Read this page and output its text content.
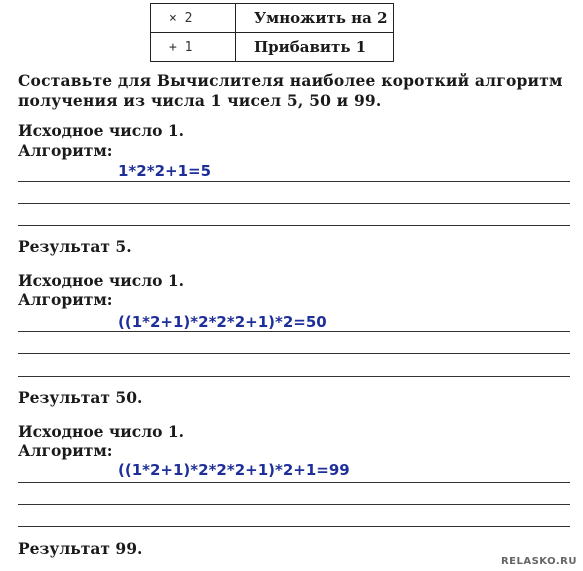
× 2	Умножить на 2
+ 1	Прибавить 1
Составьте для Вычислителя наиболее короткий алгоритм получения из числа 1 чисел 5, 50 и 99.
Исходное число 1.
Алгоритм:
1*2*2+1=5
Результат 5.
Исходное число 1.
Алгоритм:
((1*2+1)*2*2*2+1)*2=50
Результат 50.
Исходное число 1.
Алгоритм:
((1*2+1)*2*2*2+1)*2+1=99
Результат 99.
RELASKO.RU
